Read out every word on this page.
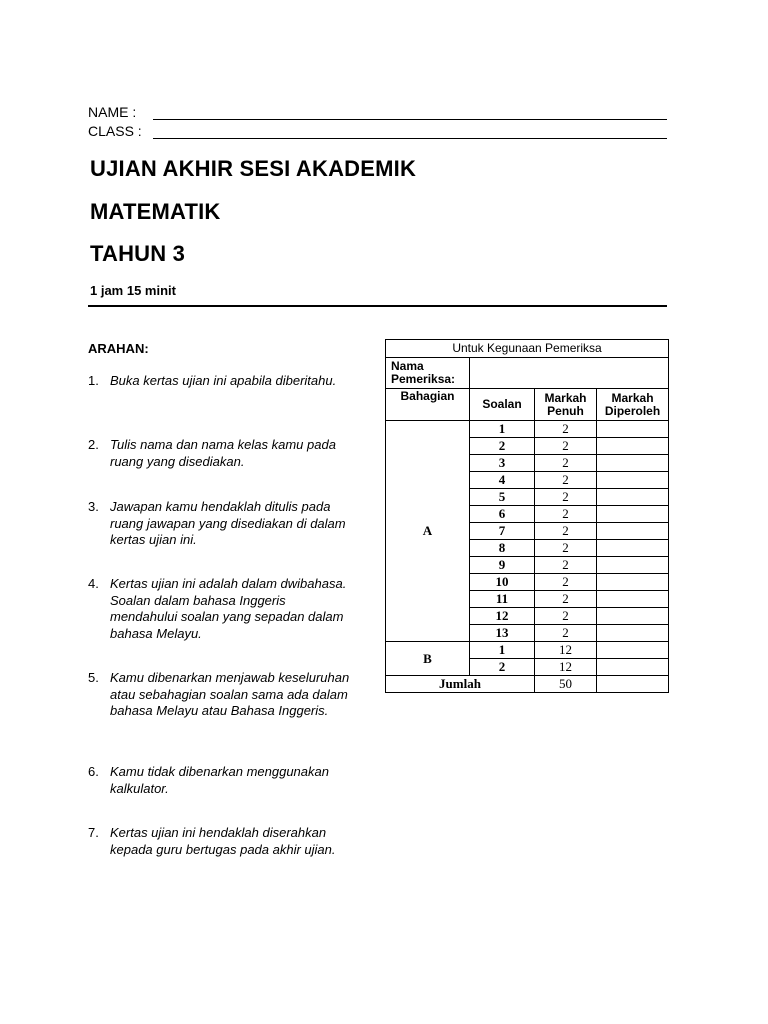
NAME :
CLASS :
UJIAN AKHIR SESI AKADEMIK
MATEMATIK
TAHUN 3
1 jam 15 minit
ARAHAN:
1. Buka kertas ujian ini apabila diberitahu.
2. Tulis nama dan nama kelas kamu pada ruang yang disediakan.
3. Jawapan kamu hendaklah ditulis pada ruang jawapan yang disediakan di dalam kertas ujian ini.
4. Kertas ujian ini adalah dalam dwibahasa. Soalan dalam bahasa Inggeris mendahului soalan yang sepadan dalam bahasa Melayu.
5. Kamu dibenarkan menjawab keseluruhan atau sebahagian soalan sama ada dalam bahasa Melayu atau Bahasa Inggeris.
6. Kamu tidak dibenarkan menggunakan kalkulator.
7. Kertas ujian ini hendaklah diserahkan kepada guru bertugas pada akhir ujian.
Untuk Kegunaan Pemeriksa			
Nama Pemeriksa:			
Bahagian	Soalan	Markah Penuh	Markah Diperoleh
A	1	2	
	2	2	
	3	2	
	4	2	
	5	2	
	6	2	
	7	2	
	8	2	
	9	2	
	10	2	
	11	2	
	12	2	
	13	2	
B	1	12	
	2	12	
Jumlah		50	
